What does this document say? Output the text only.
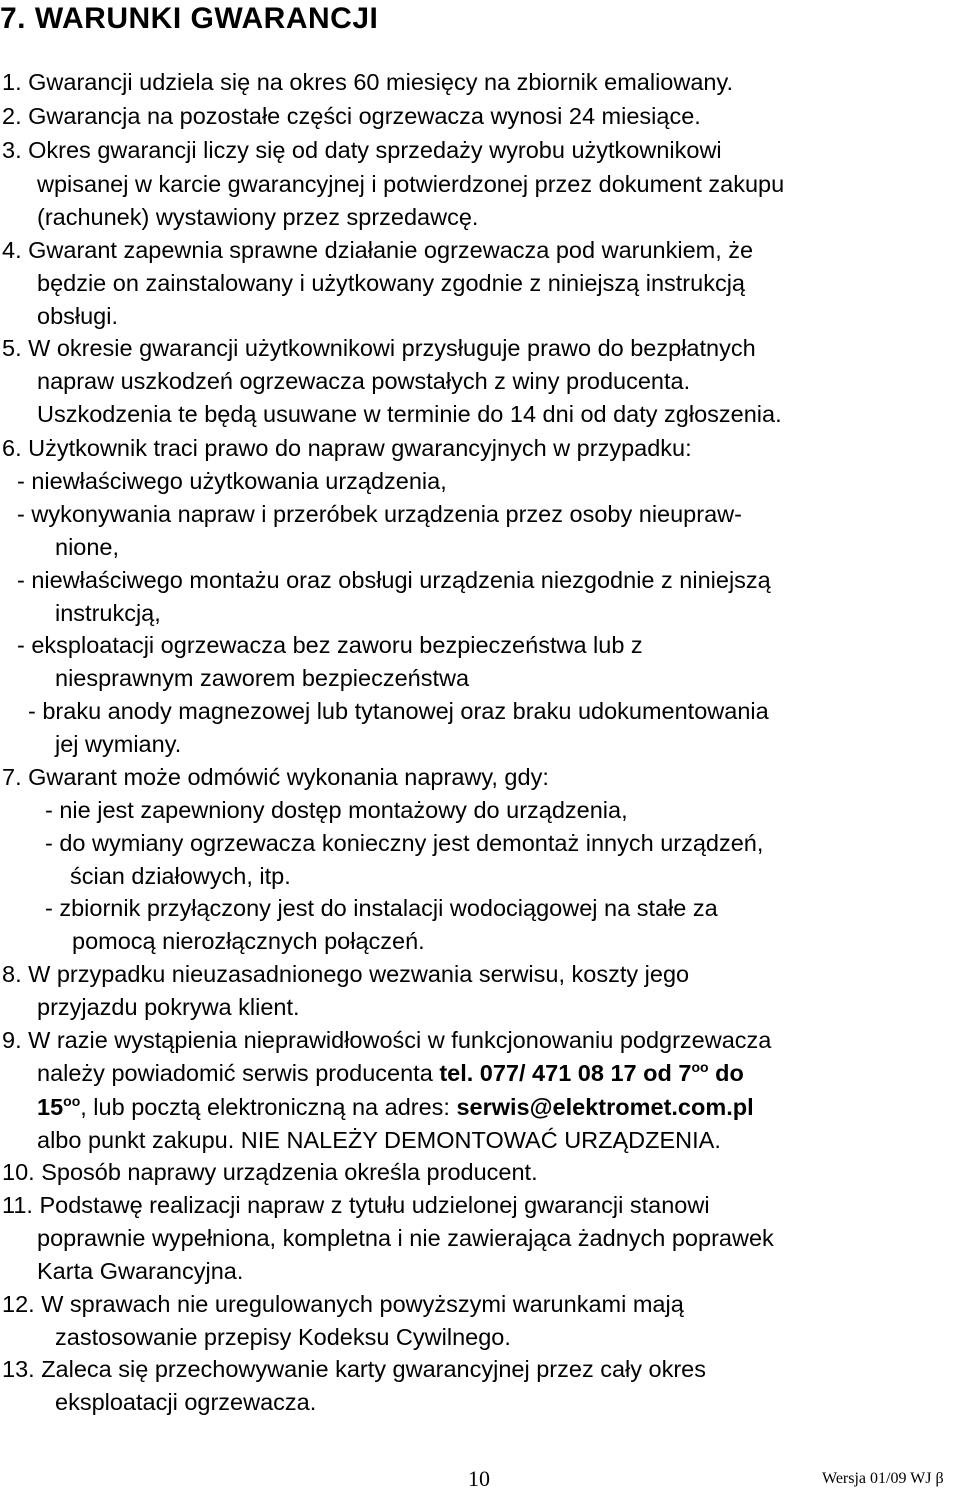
7. WARUNKI GWARANCJI
1. Gwarancji udziela się na okres 60 miesięcy na zbiornik emaliowany.
2. Gwarancja na pozostałe części ogrzewacza wynosi 24 miesiące.
3. Okres gwarancji liczy się od daty sprzedaży wyrobu użytkownikowi
wpisanej w karcie gwarancyjnej i potwierdzonej przez dokument zakupu
(rachunek) wystawiony przez sprzedawcę.
4. Gwarant zapewnia sprawne działanie ogrzewacza pod warunkiem, że
będzie on zainstalowany i użytkowany zgodnie z niniejszą instrukcją
obsługi.
5. W okresie gwarancji użytkownikowi przysługuje prawo do bezpłatnych
napraw uszkodzeń ogrzewacza powstałych z winy producenta.
Uszkodzenia te będą usuwane w terminie do 14 dni od daty zgłoszenia.
6. Użytkownik traci prawo do napraw gwarancyjnych w przypadku:
- niewłaściwego użytkowania urządzenia,
- wykonywania napraw i przeróbek urządzenia przez osoby nieupraw-
nione,
- niewłaściwego montażu oraz obsługi urządzenia niezgodnie z niniejszą
instrukcją,
- eksploatacji ogrzewacza bez zaworu bezpieczeństwa lub z
niesprawnym zaworem bezpieczeństwa
- braku anody magnezowej lub tytanowej oraz braku udokumentowania
jej wymiany.
7. Gwarant może odmówić wykonania naprawy, gdy:
- nie jest zapewniony dostęp montażowy do urządzenia,
- do wymiany ogrzewacza konieczny jest demontaż innych urządzeń,
ścian działowych, itp.
- zbiornik przyłączony jest do instalacji wodociągowej na stałe za
pomocą nierozłącznych połączeń.
8. W przypadku nieuzasadnionego wezwania serwisu, koszty jego
przyjazdu pokrywa klient.
9. W razie wystąpienia nieprawidłowości w funkcjonowaniu podgrzewacza
należy powiadomić serwis producenta tel. 077/ 471 08 17 od $7^{oo}$ do
$15^{oo}$, lub pocztą elektroniczną na adres: serwis@elektromet.com.pl
albo punkt zakupu. NIE NALEŻY DEMONTOWAĆ URZĄDZENIA.
10. Sposób naprawy urządzenia określa producent.
11. Podstawę realizacji napraw z tytułu udzielonej gwarancji stanowi
poprawnie wypełniona, kompletna i nie zawierająca żadnych poprawek
Karta Gwarancyjna.
12. W sprawach nie uregulowanych powyższymi warunkami mają
zastosowanie przepisy Kodeksu Cywilnego.
13. Zaleca się przechowywanie karty gwarancyjnej przez cały okres
eksploatacji ogrzewacza.
10	Wersja 01/09 WJ β
